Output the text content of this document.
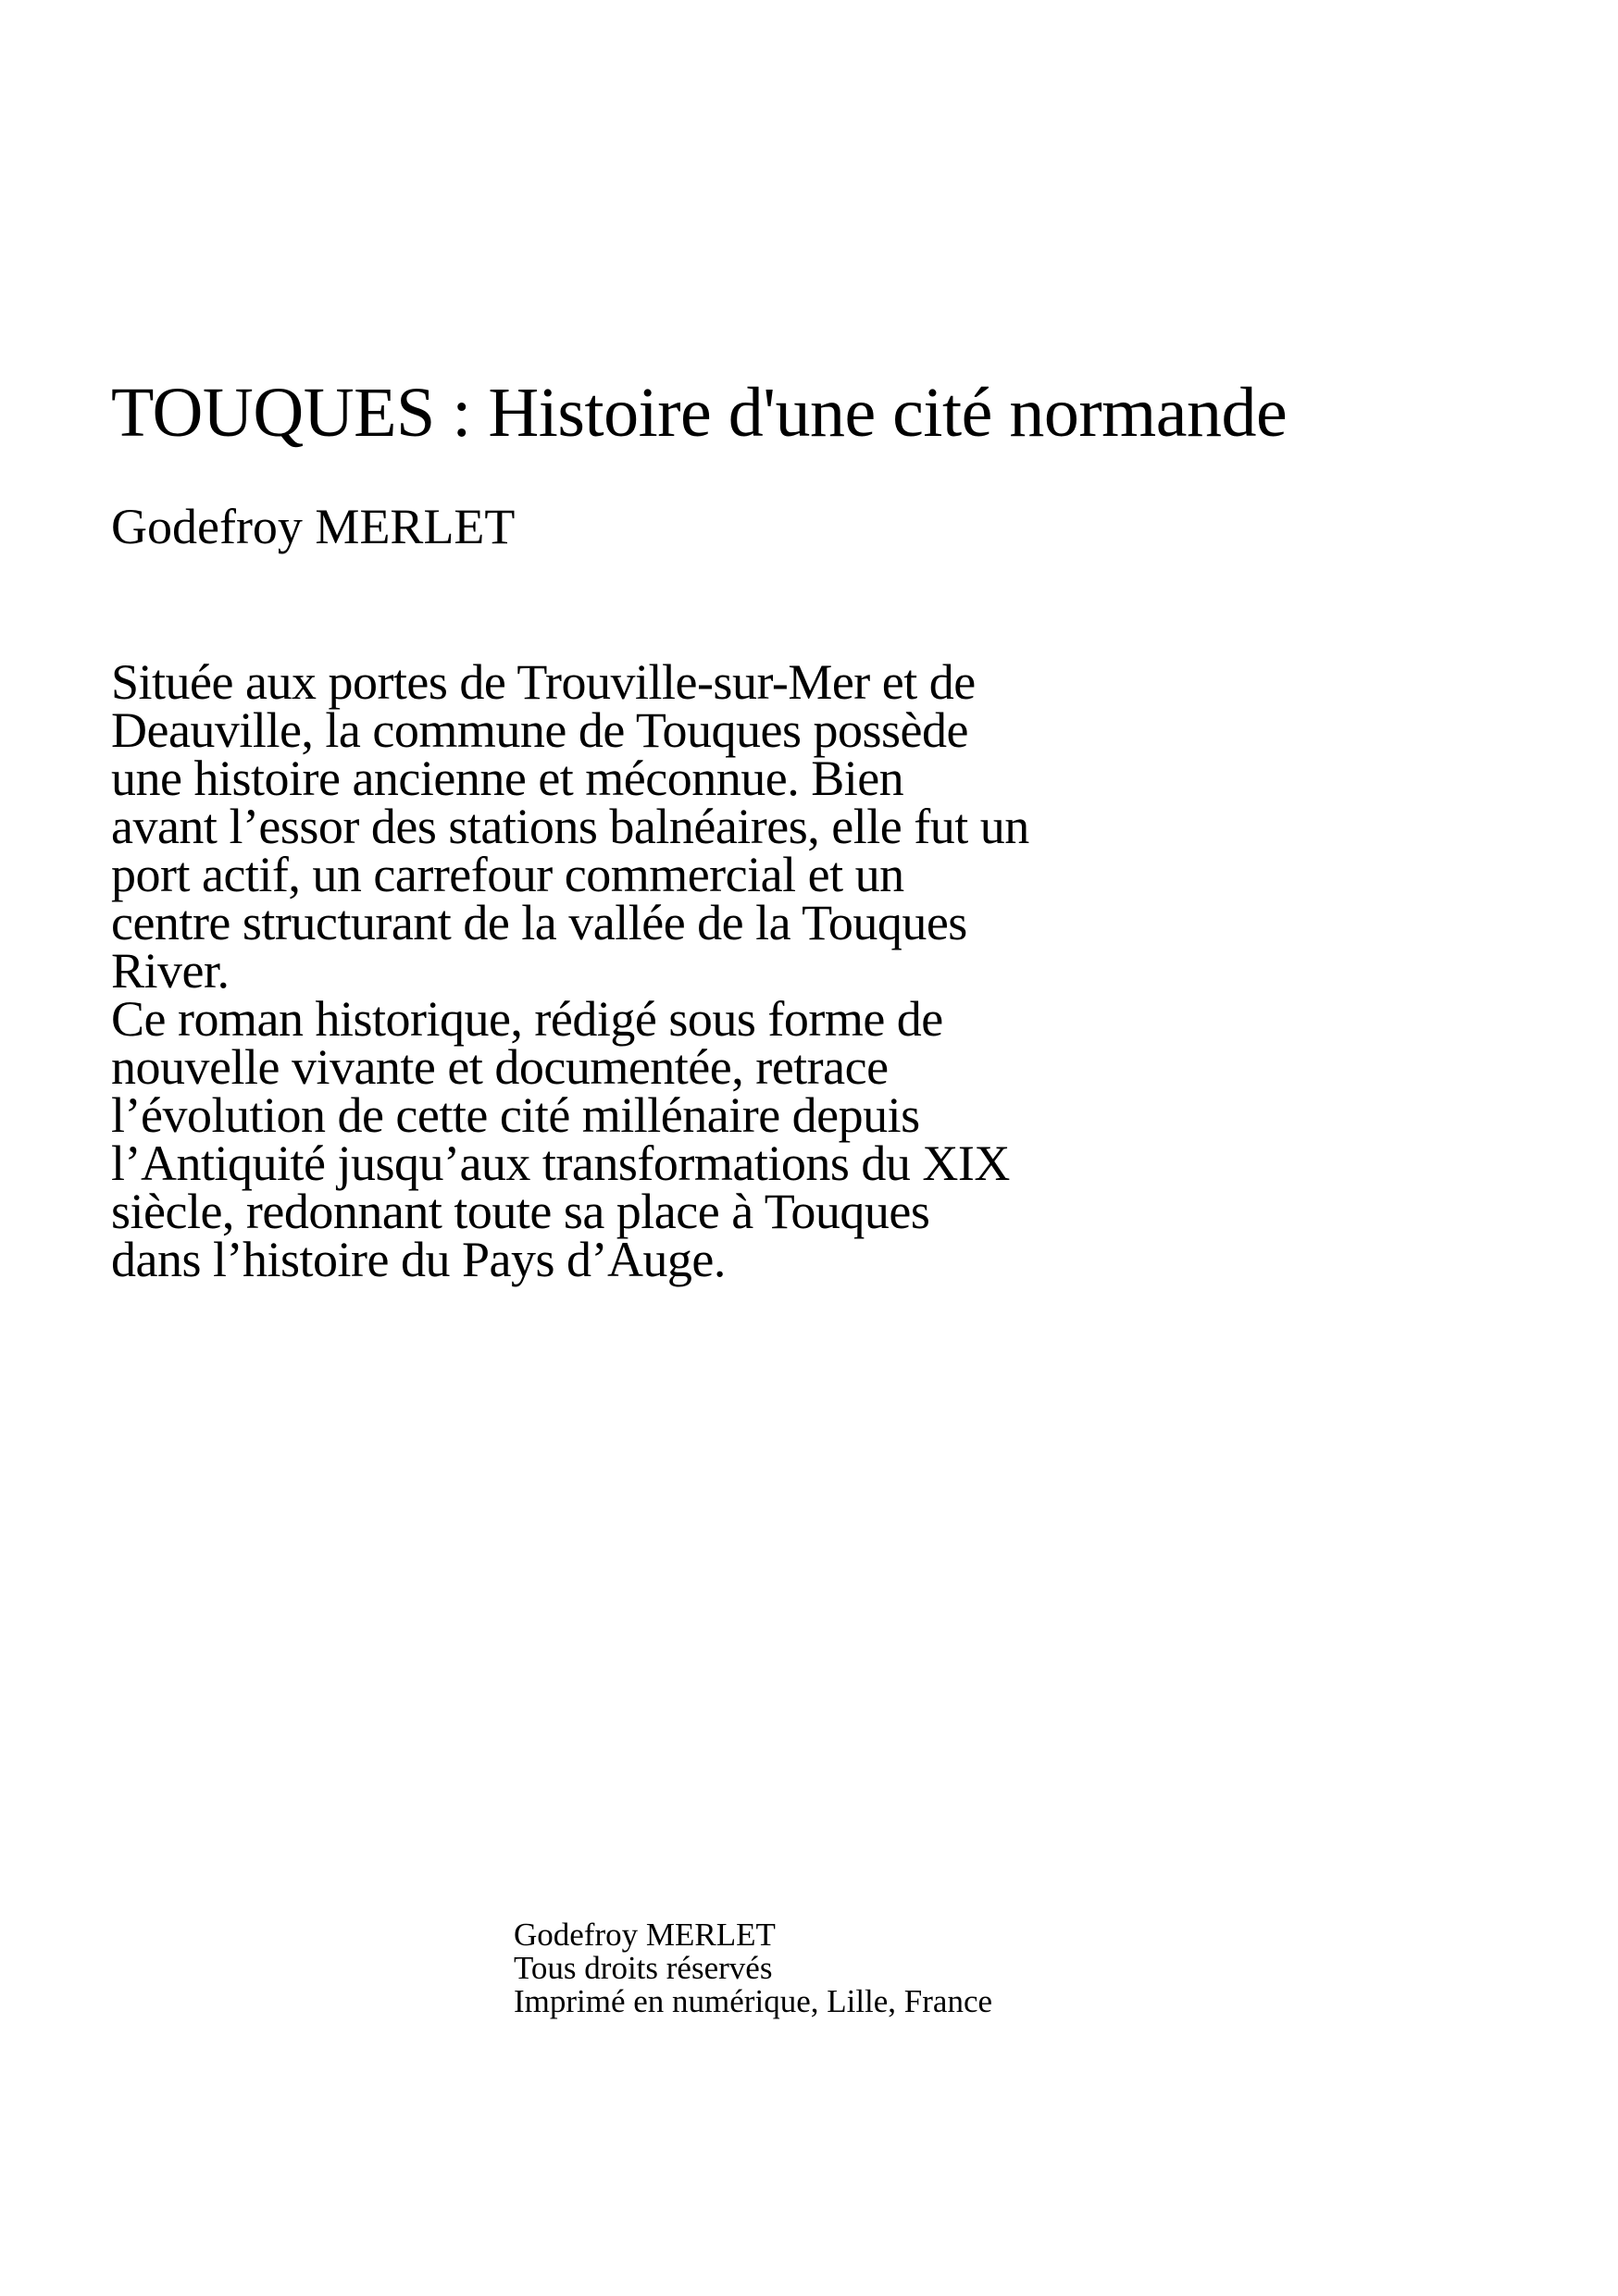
TOUQUES : Histoire d'une cité normande
Godefroy MERLET
Située aux portes de Trouville-sur-Mer et de
Deauville, la commune de Touques possède
une histoire ancienne et méconnue. Bien
avant l’essor des stations balnéaires, elle fut un
port actif, un carrefour commercial et un
centre structurant de la vallée de la Touques
River.
Ce roman historique, rédigé sous forme de
nouvelle vivante et documentée, retrace
l’évolution de cette cité millénaire depuis
l’Antiquité jusqu’aux transformations du XIX
siècle, redonnant toute sa place à Touques
dans l’histoire du Pays d’Auge.
Godefroy MERLET
Tous droits réservés
Imprimé en numérique, Lille, France
